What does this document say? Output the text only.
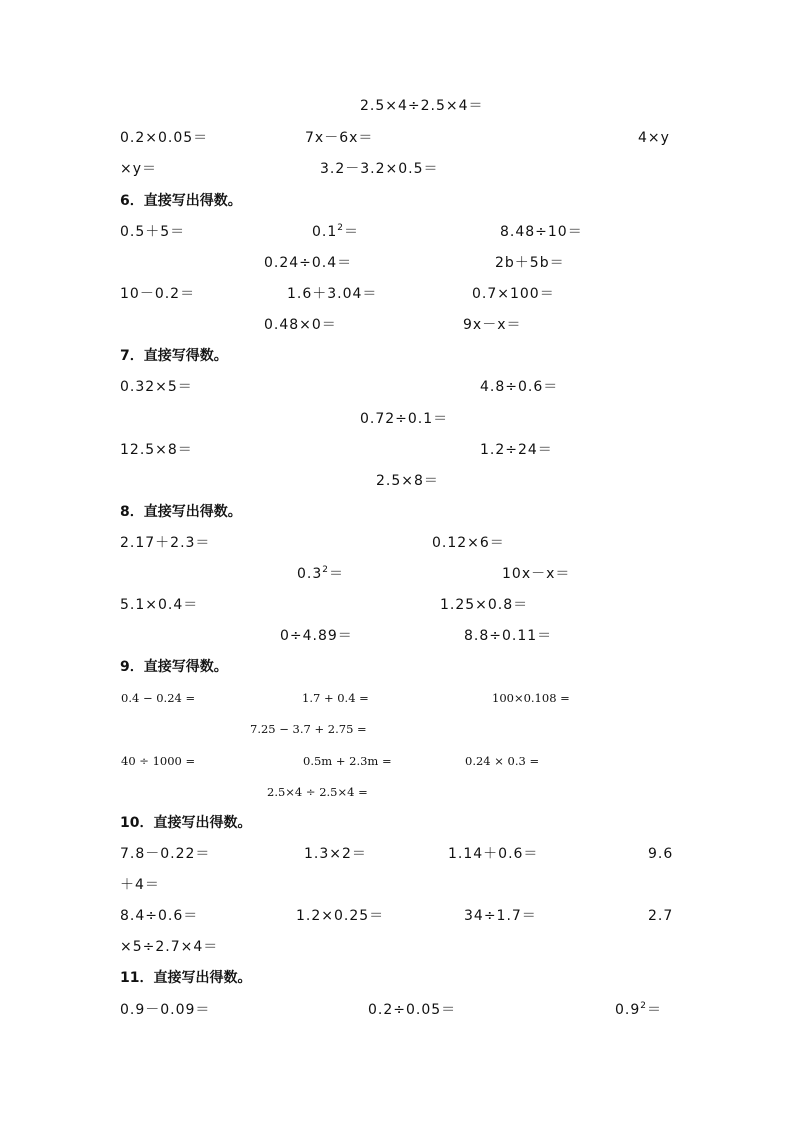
2.5×4÷2.5×4＝
0.2×0.05＝	7x－6x＝	4×y
×y＝	3.2－3.2×0.5＝
6．直接写出得数。
0.5＋5＝	$0.1^2=$	8.48÷10＝
0.24÷0.4＝	2b＋5b＝
10－0.2＝	1.6＋3.04＝	0.7×100＝
0.48×0＝	9x－x＝
7．直接写得数。
0.32×5＝	4.8÷0.6＝
0.72÷0.1＝
12.5×8＝	1.2÷24＝
2.5×8＝
8．直接写出得数。
2.17＋2.3＝	0.12×6＝
$0.3^2=$	10x－x＝
5.1×0.4＝	1.25×0.8＝
0÷4.89＝	8.8÷0.11＝
9．直接写得数。
0.4 − 0.24 =	1.7 + 0.4 =	100×0.108 =
7.25 − 3.7 + 2.75 =
40 ÷ 1000 =	0.5m + 2.3m =	0.24 × 0.3 =
2.5×4 ÷ 2.5×4 =
10．直接写出得数。
7.8－0.22＝	1.3×2＝	1.14＋0.6＝	9.6
＋4＝
8.4÷0.6＝	1.2×0.25＝	34÷1.7＝	2.7
×5÷2.7×4＝
11．直接写出得数。
0.9－0.09＝	0.2÷0.05＝	$0.9^2=$
